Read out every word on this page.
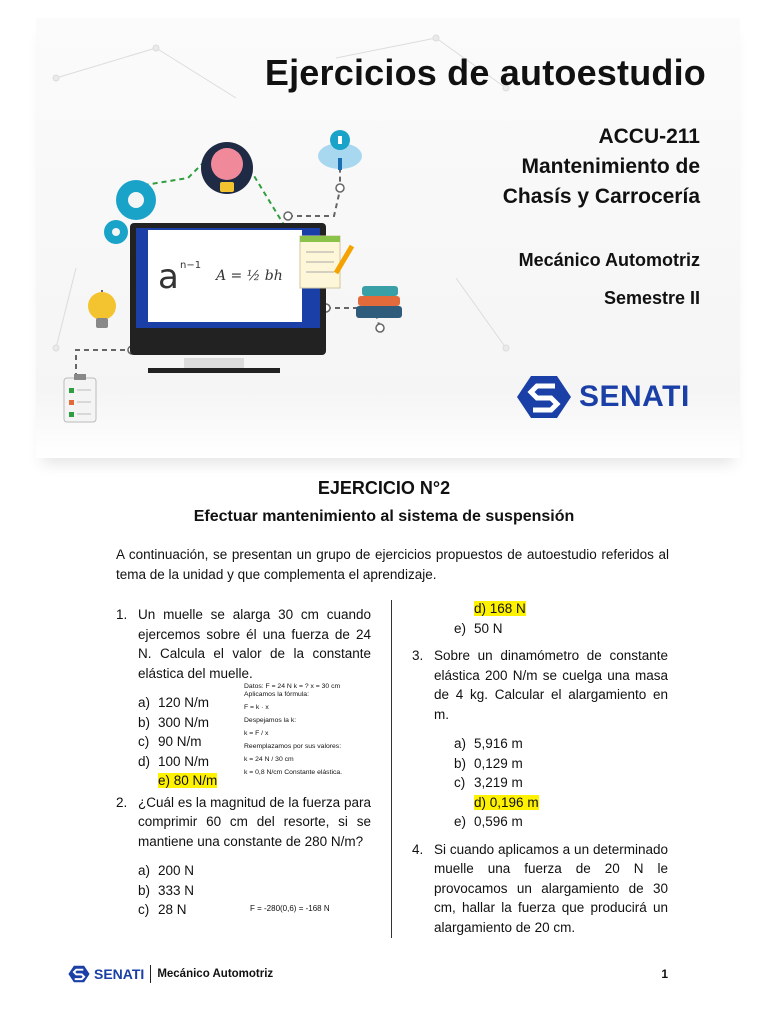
a n−1
A = ½ bh
Ejercicios de autoestudio
ACCU-211
Mantenimiento de
Chasís y Carrocería
Mecánico Automotriz
Semestre II
SENATI
EJERCICIO N°2
Efectuar mantenimiento al sistema de suspensión
A continuación, se presentan un grupo de ejercicios propuestos de autoestudio referidos al tema de la unidad y que complementa el aprendizaje.
1. Un muelle se alarga 30 cm cuando ejercemos sobre él una fuerza de 24 N. Calcula el valor de la constante elástica del muelle.
a) 120 N/m
b) 300 N/m
c) 90 N/m
d) 100 N/m
e) 80 N/m
2. ¿Cuál es la magnitud de la fuerza para comprimir 60 cm del resorte, si se mantiene una constante de 280 N/m?
a) 200 N
b) 333 N
c) 28 N
Datos: F = 24 N k = ? x = 30 cm
Aplicamos la fórmula:
F = k · x
Despejamos la k:
k = F / x
Reemplazamos por sus valores:
k = 24 N / 30 cm
k = 0,8 N/cm Constante elástica.
F = -280(0,6) = -168 N
d) 168 N
e) 50 N
3. Sobre un dinamómetro de constante elástica 200 N/m se cuelga una masa de 4 kg. Calcular el alargamiento en m.
a) 5,916 m
b) 0,129 m
c) 3,219 m
d) 0,196 m
e) 0,596 m
4. Si cuando aplicamos a un determinado muelle una fuerza de 20 N le provocamos un alargamiento de 30 cm, hallar la fuerza que producirá un alargamiento de 20 cm.
SENATI Mecánico Automotriz	1
